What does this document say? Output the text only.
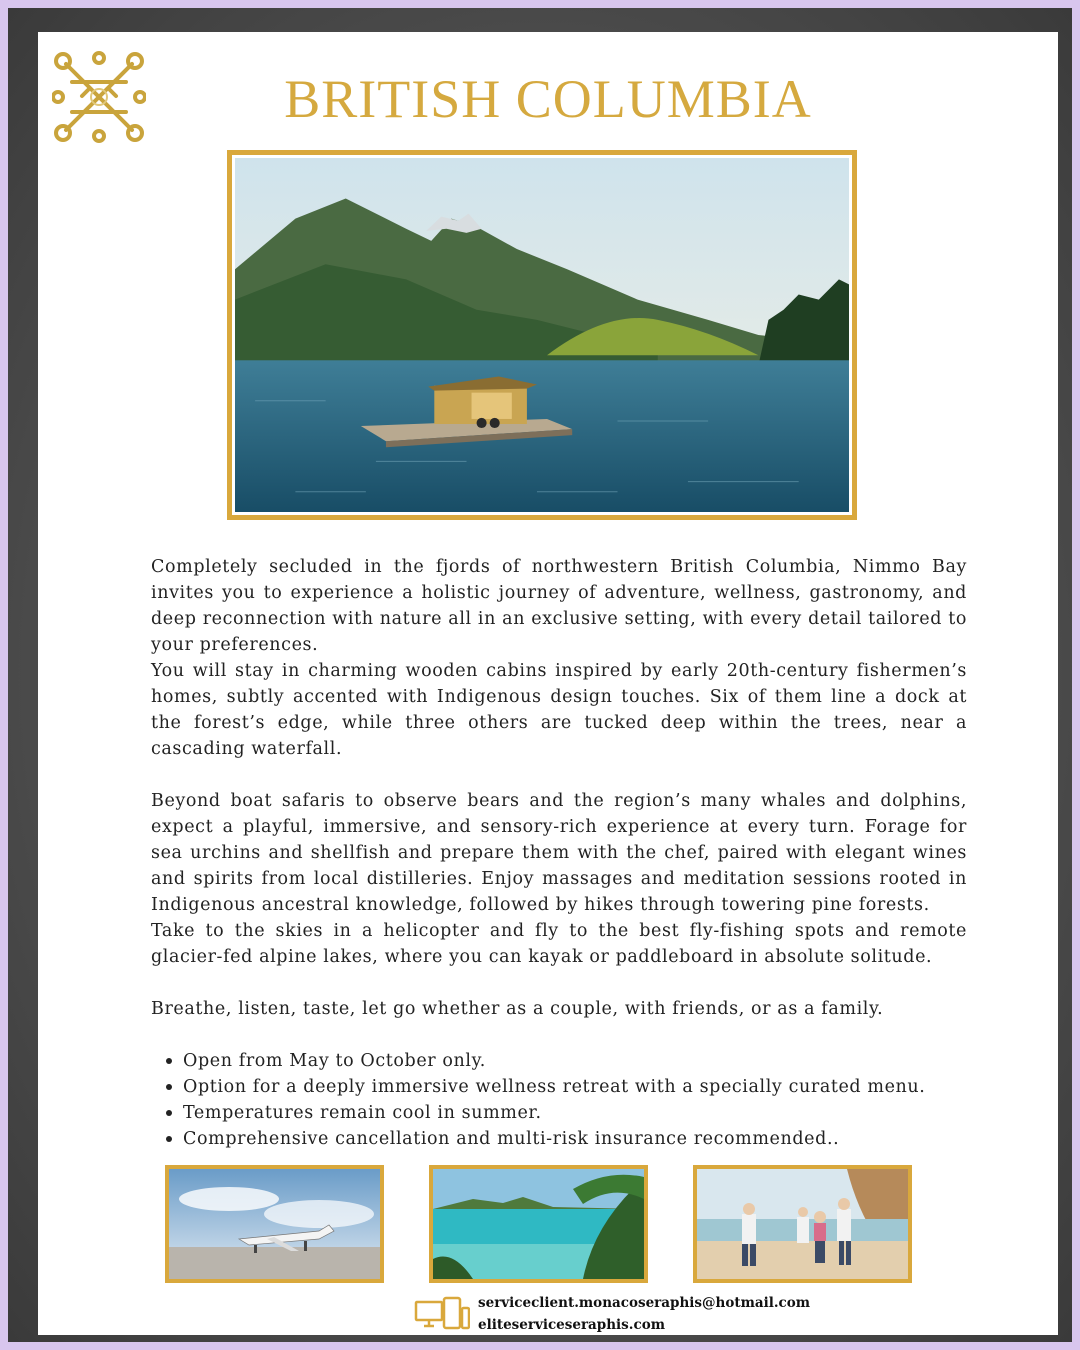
BRITISH COLUMBIA

Completely secluded in the fjords of northwestern British Columbia, Nimmo Bay invites you to experience a holistic journey of adventure, wellness, gastronomy, and deep reconnection with nature all in an exclusive setting, with every detail tailored to your preferences.

You will stay in charming wooden cabins inspired by early 20th-century fishermen’s homes, subtly accented with Indigenous design touches. Six of them line a dock at the forest’s edge, while three others are tucked deep within the trees, near a cascading waterfall.

Beyond boat safaris to observe bears and the region’s many whales and dolphins, expect a playful, immersive, and sensory-rich experience at every turn. Forage for sea urchins and shellfish and prepare them with the chef, paired with elegant wines and spirits from local distilleries. Enjoy massages and meditation sessions rooted in Indigenous ancestral knowledge, followed by hikes through towering pine forests.

Take to the skies in a helicopter and fly to the best fly-fishing spots and remote glacier-fed alpine lakes, where you can kayak or paddleboard in absolute solitude.

Breathe, listen, taste, let go whether as a couple, with friends, or as a family.

Open from May to October only.
Option for a deeply immersive wellness retreat with a specially curated menu.
Temperatures remain cool in summer.
Comprehensive cancellation and multi-risk insurance recommended..
serviceclient.monacoseraphis@hotmail.com
eliteserviceseraphis.com
